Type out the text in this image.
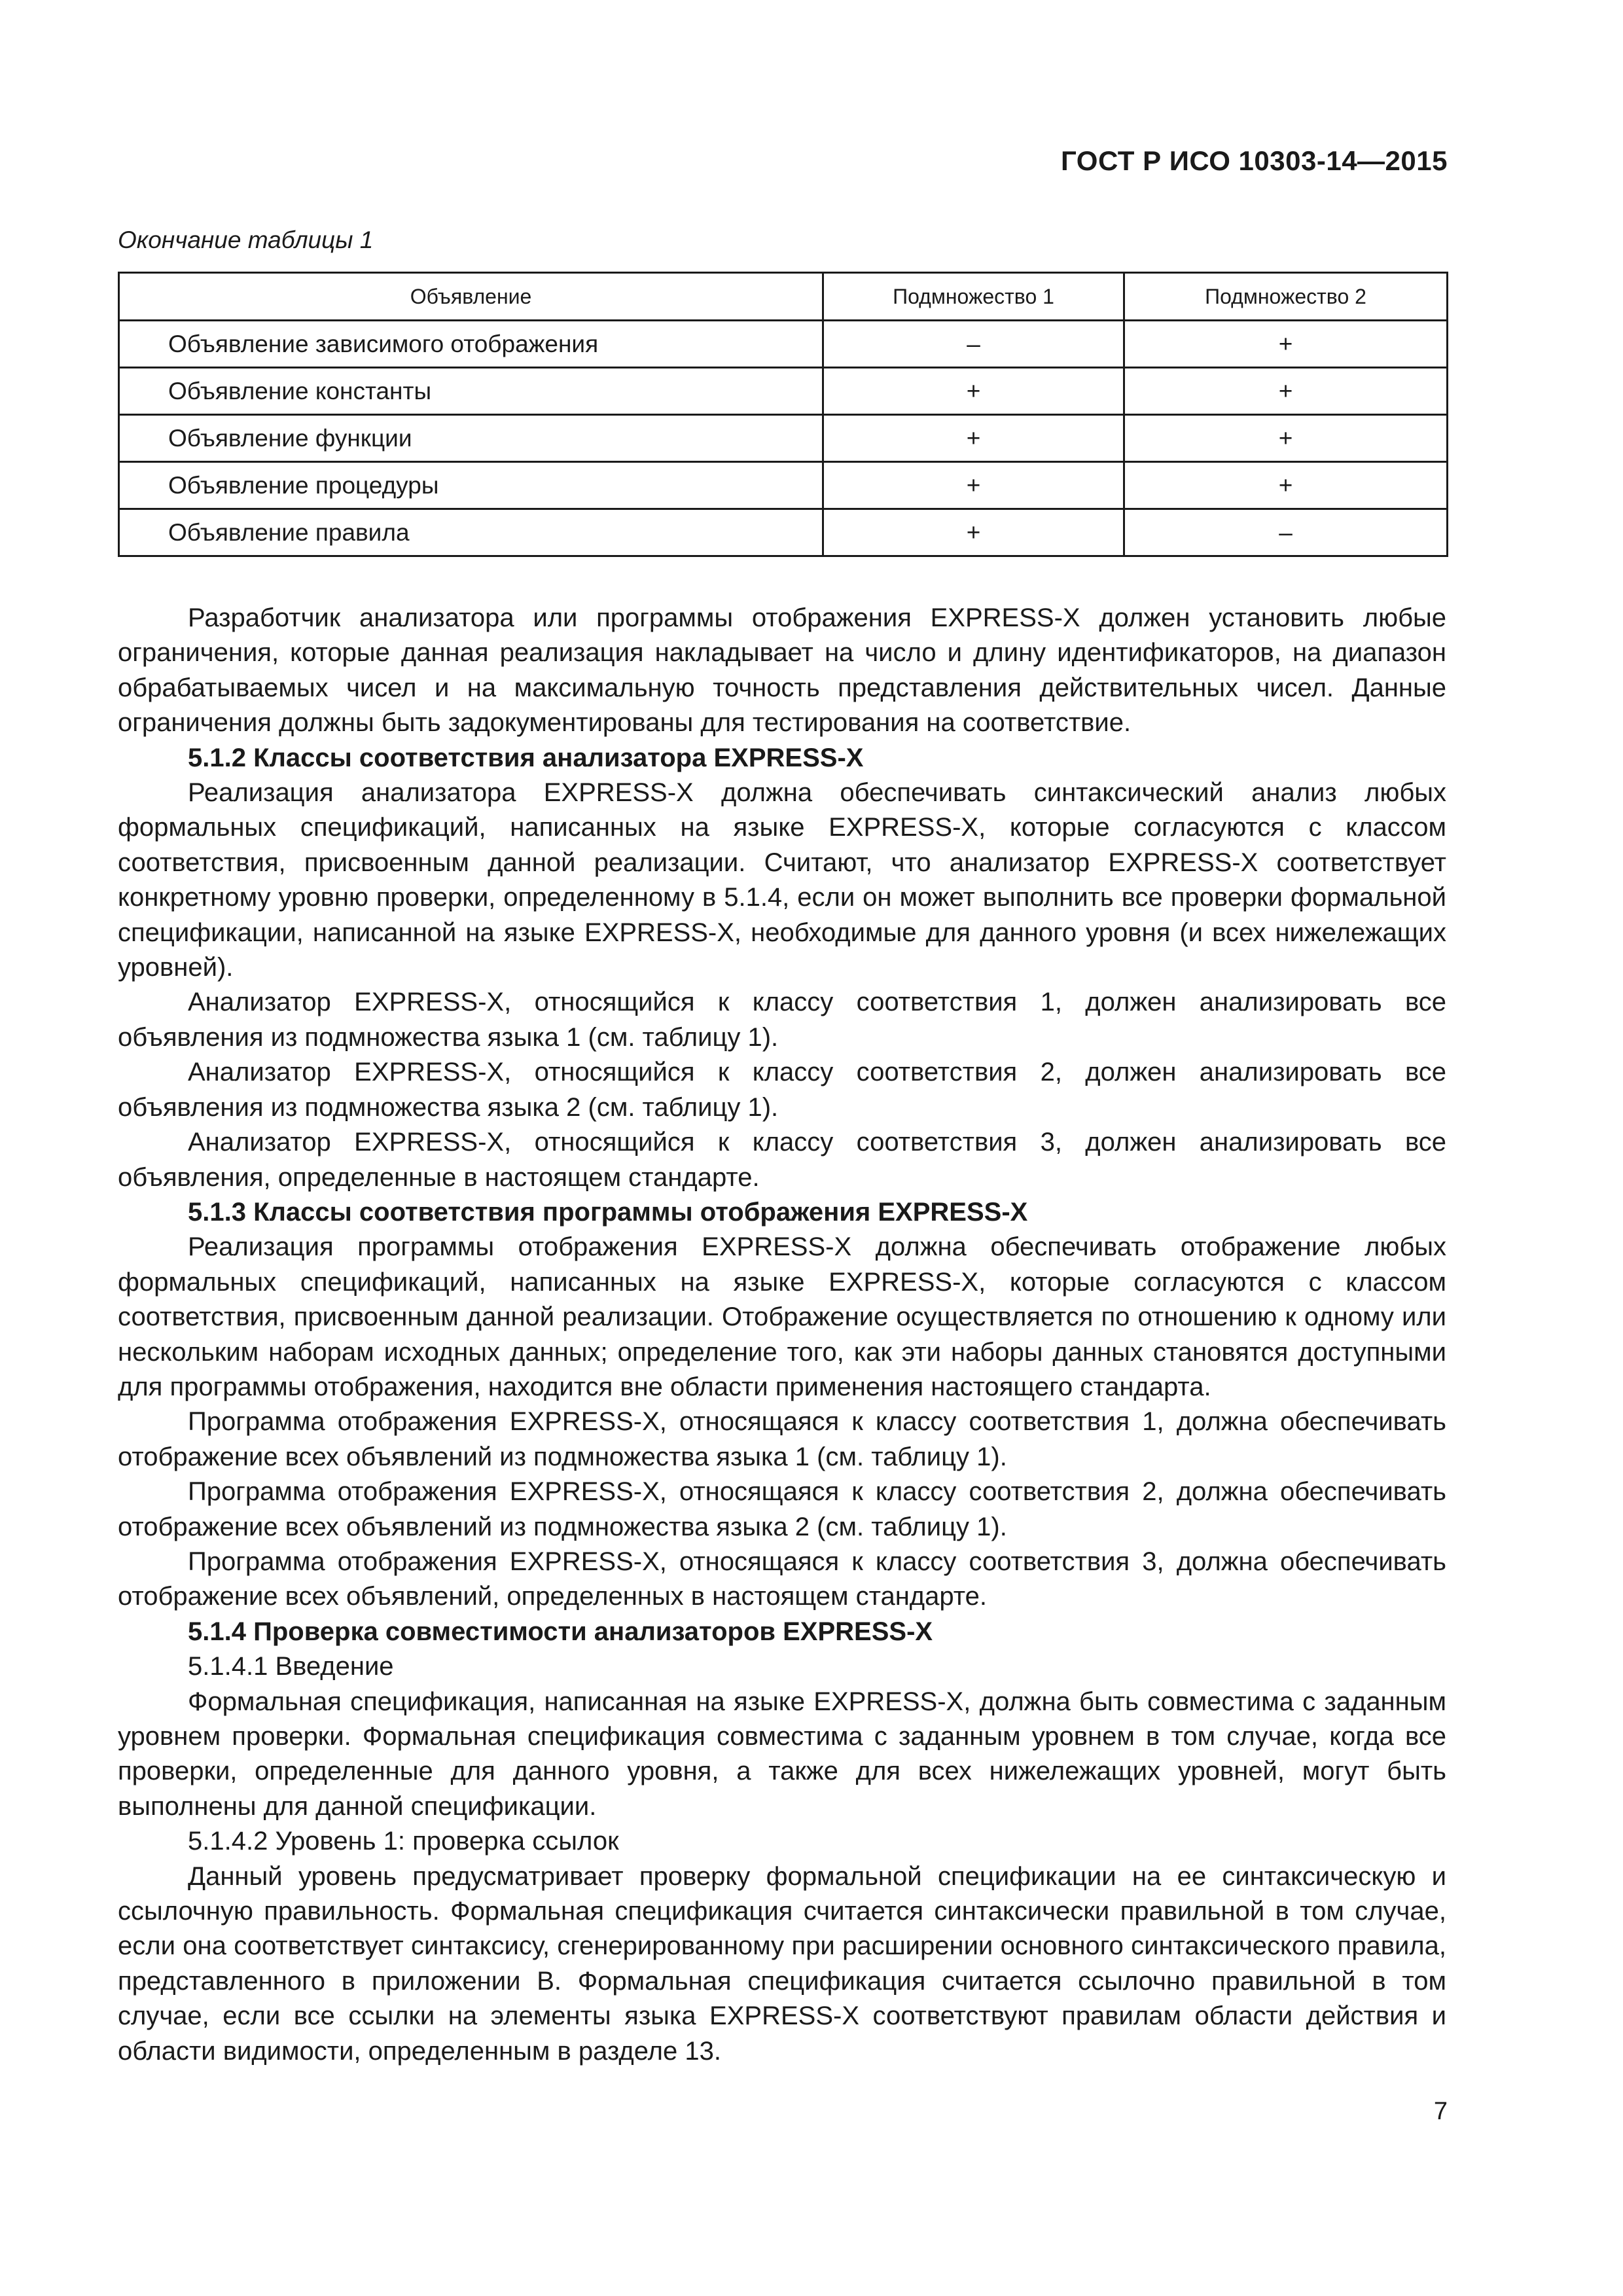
ГОСТ Р ИСО 10303-14—2015
Окончание таблицы 1
Объявление	Подмножество 1	Подмножество 2
Объявление зависимого отображения	–	+
Объявление константы	+	+
Объявление функции	+	+
Объявление процедуры	+	+
Объявление правила	+	–

Разработчик анализатора или программы отображения EXPRESS-X должен установить любые ограничения, которые данная реализация накладывает на число и длину идентификаторов, на диапазон обрабатываемых чисел и на максимальную точность представления действительных чисел. Данные ограничения должны быть задокументированы для тестирования на соответствие.

5.1.2 Классы соответствия анализатора EXPRESS-X

Реализация анализатора EXPRESS-X должна обеспечивать синтаксический анализ любых формальных спецификаций, написанных на языке EXPRESS-X, которые согласуются с классом соответствия, присвоенным данной реализации. Считают, что анализатор EXPRESS-X соответствует конкретному уровню проверки, определенному в 5.1.4, если он может выполнить все проверки формальной спецификации, написанной на языке EXPRESS-X, необходимые для данного уровня (и всех нижележащих уровней).

Анализатор EXPRESS-X, относящийся к классу соответствия 1, должен анализировать все объявления из подмножества языка 1 (см. таблицу 1).

Анализатор EXPRESS-X, относящийся к классу соответствия 2, должен анализировать все объявления из подмножества языка 2 (см. таблицу 1).

Анализатор EXPRESS-X, относящийся к классу соответствия 3, должен анализировать все объявления, определенные в настоящем стандарте.

5.1.3 Классы соответствия программы отображения EXPRESS-X

Реализация программы отображения EXPRESS-X должна обеспечивать отображение любых формальных спецификаций, написанных на языке EXPRESS-X, которые согласуются с классом соответствия, присвоенным данной реализации. Отображение осуществляется по отношению к одному или нескольким наборам исходных данных; определение того, как эти наборы данных становятся доступными для программы отображения, находится вне области применения настоящего стандарта.

Программа отображения EXPRESS-X, относящаяся к классу соответствия 1, должна обеспечивать отображение всех объявлений из подмножества языка 1 (см. таблицу 1).

Программа отображения EXPRESS-X, относящаяся к классу соответствия 2, должна обеспечивать отображение всех объявлений из подмножества языка 2 (см. таблицу 1).

Программа отображения EXPRESS-X, относящаяся к классу соответствия 3, должна обеспечивать отображение всех объявлений, определенных в настоящем стандарте.

5.1.4 Проверка совместимости анализаторов EXPRESS-X

5.1.4.1 Введение

Формальная спецификация, написанная на языке EXPRESS-X, должна быть совместима с заданным уровнем проверки. Формальная спецификация совместима с заданным уровнем в том случае, когда все проверки, определенные для данного уровня, а также для всех нижележащих уровней, могут быть выполнены для данной спецификации.

5.1.4.2 Уровень 1: проверка ссылок

Данный уровень предусматривает проверку формальной спецификации на ее синтаксическую и ссылочную правильность. Формальная спецификация считается синтаксически правильной в том случае, если она соответствует синтаксису, сгенерированному при расширении основного синтаксического правила, представленного в приложении В. Формальная спецификация считается ссылочно правильной в том случае, если все ссылки на элементы языка EXPRESS-X соответствуют правилам области действия и области видимости, определенным в разделе 13.

7
